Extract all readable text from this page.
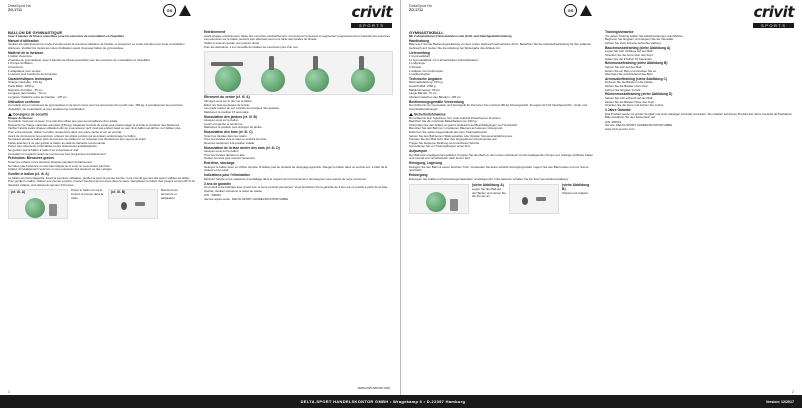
DeltaSport Ha
ZG-1711	GS	crivit
SPORTS
BALLON DE GYMNASTIQUE

Avec 2 bandes de fitness amovibles pour les exercices de musculation et d'équilibre

Manuel d'utilisation

Veuillez lire attentivement le mode d'emploi avant la première utilisation de l'article, et conservez ce mode d'emploi pour toute consultation ultérieure. Veuillez lire toutes les notes d'utilisation avant d'exposer ballon de gymnastique.

Matériel de la livraison

1 ballon d'exercice

2 bandes de gymnastique, avec 2 bandes de fitness amovibles pour les exercices de musculation et d'équilibre

1 Pompe d'inflation

2 bouchons

1 Adaptateur pour pompe

1 Lacrets pour bouchons de fermeture

Caractéristiques techniques

Charge maximale : 150 kg

Poids Balle : 1050 g

Diamètre du ballon : 65 cm

Longueur des bandes : 70 cm

Longueur d'attache entre les bandes : 135 cm

Utilisation conforme

Cet article est un instrument de gymnastique et de sport conçu pour les personnes d'un poids max. 150 kg. Il est idéal pour les exercices d'équilibre, de musculation et pour améliorer la coordination.

Consignes de sécurité

Risque de blesser

Cet article n'est pas un jouet. Il ne doit être utilisé que sous la surveillance d'un adulte.

Respectez la charge maximale autorisée (150 kg). Dépasser la limite de poids peut endommager le produit et entraîner des blessures.

Vérifiez l'article avant chaque utilisation afin de vous assurer qu'il n'est pas endommagé ou usé. Si le ballon est abîmé, ne l'utilisez plus.

Pour votre sécurité, utilisez le ballon uniquement dans une pièce sèche et sur un sol plat.

Avant de commencer les exercices, enlevez les objets pointus qui pourraient endommager le ballon.

Ne laissez jamais le ballon près de sources de chaleur et ne l'exposez pas directement aux rayons du soleil.

Faites attention à ne pas gonfler le ballon au-delà du diamètre recommandé.

Portez des vêtements confortables et des chaussures antidérapantes.

Ne gonflez pas le ballon à l'aide d'un compresseur d'air.

Consultez un médecin avant de commencer tout programme d'entraînement.

Précisions: Blessures graves

Tenez les enfants et les animaux éloignés pendant l'entraînement.

Ne faites pas d'exercice si vous êtes fatigué ou si vous ne vous sentez pas bien.

Arrêtez immédiatement l'exercice si vous ressentez des douleurs ou des vertiges.

Gonfler le ballon (cf. ill. A)

Le ballon est fourni dégonflé. Avant la première utilisation, gonflez-le avec la pompe fournie. Il est normal que des plis soient visibles au début.

Pour gonfler le ballon, utilisez une pompe à piston. Insérez l'embout de la pompe dans la valve. Remplissez le ballon d'air jusqu'à environ 80 % du diamètre indiqué, puis laissez-le reposer 24 heures.

(cf. ill. A)	Posez le ballon au sol et insérez la pompe dans la valve.
(cf. ill. B)	Bouchons de fermeture et adaptateur.
Entraînement

Avant chaque entraînement, faites des exercices d'échauffement. Commencez lentement et augmentez progressivement l'intensité des exercices.

Les exercices sur le ballon peuvent être effectués seul ou à l'aide des bandes de fitness.

Veillez à toujours garder une posture droite.

Pour les débutants, il est conseillé de réaliser les exercices près d'un mur.

Étirement du ventre (cf. ill. A)

Allongez-vous sur le dos sur le ballon.

Étirez les bras au-dessus de la tête.

Les pieds restent au sol, écartés de la largeur des épaules.

Maintenez la position 15 secondes.

Musculation des jambes (cf. ill. B)

Asseyez-vous sur le ballon.

Levez une jambe et tendez-la.

Maintenez la position puis changez de jambe.

Musculation des bras (cf. ill. C)

Tenez les bandes dans les mains.

Tirez les bandes vers le haut en tendant les bras.

Revenez lentement à la position initiale.

Musculation de la face arrière des bras (cf. ill. D)

Asseyez-vous sur le ballon.

Tirez les bandes derrière la tête.

Tendez les bras puis revenez lentement.

Entretien, stockage

Nettoyez le ballon avec un chiffon humide. N'utilisez pas de produits de nettoyage agressifs. Rangez le ballon dans un endroit sec, à l'abri de la chaleur et du soleil.

Indications pour l'élimination

Éliminez l'article et les matériaux d'emballage dans le respect de l'environnement. Renseignez-vous auprès de votre commune.

3 ans de garantie

Ce produit a été fabriqué avec grand soin et sous contrôle permanent. Vous bénéficiez d'une garantie de 3 ans sur ce produit à partir de la date d'achat. Veuillez conserver le ticket de caisse.

IAN : 300043

Service après-vente : DELTA-SPORT HANDELSKONTOR GMBH

www.crivit-service.com
1
DeltaSport Ha
ZG-1711	GS	crivit
SPORTS
GYMNASTIKBALL

Mit 2 abnehmbaren Fitnessbändern zum Kraft- und Gleichgewichtstraining

Handhabung

Bitte lesen Sie die Bedienungsanleitung vor dem ersten Gebrauch aufmerksam durch. Bewahren Sie die Gebrauchsanleitung für den späteren Gebrauch auf. Geben Sie die Anleitung bei Weitergabe des Artikels mit.

Lieferumfang

1 Gymnastikball

1x Gymnastikball, mit 2 abnehmbaren Fitnessbändern

1 Luftpumpe

2 Stöpsel

1 Adapter zum Aufpumpen

1 Lackierstopfen

Technische Angaben

Maximalbelastung: 150 kg

Gewicht Ball: 1050 g

Balldurchmesser: 65 cm

Länge Bänder: 70 cm

Abstand zwischen den Bändern: 135 cm

Bestimmungsgemäße Verwendung

Der Artikel ist ein Gymnastik- und Sportgerät für Personen bis maximal 150 kg Körpergewicht. Er eignet sich für Gleichgewichts-, Kraft- und Koordinationsübungen.

Sicherheitshinweise

Der Artikel ist kein Spielzeug. Nur unter Aufsicht Erwachsener benutzen.

Beachten Sie die maximale Belastbarkeit von 150 kg.

Überprüfen Sie den Artikel vor jedem Gebrauch auf Beschädigungen und Verschleiß.

Benutzen Sie den Ball nur in trockenen Räumen auf ebenem Untergrund.

Entfernen Sie spitze Gegenstände aus dem Trainingsbereich.

Setzen Sie den Ball keinen Wärmequellen oder direkter Sonneneinstrahlung aus.

Pumpen Sie den Ball nicht über den angegebenen Durchmesser auf.

Tragen Sie bequeme Kleidung und rutschfeste Schuhe.

Konsultieren Sie vor Trainingsbeginn einen Arzt.

Aufpumpen

Der Ball wird unaufgepumpt geliefert. Pumpen Sie den Ball vor dem ersten Gebrauch mit der beiliegenden Pumpe auf. Anfangs sichtbare Falten sind normal und verschwinden nach kurzer Zeit.

Reinigung, Lagerung

Reinigen Sie den Ball mit einem feuchten Tuch. Verwenden Sie keine scharfen Reinigungsmittel. Lagern Sie den Ball trocken und vor Sonne geschützt.

Entsorgung

Entsorgen Sie Artikel und Verpackungsmaterialien umweltgerecht. Informationen erhalten Sie bei Ihrer Gemeindeverwaltung.

(siehe Abbildung A)

Legen Sie den Ball auf den Boden und setzen Sie die Pumpe an.

(siehe Abbildung B)

Stöpsel und Adapter.

Trainingshinweise

Vor jedem Training sollten Sie Aufwärmübungen durchführen.

Beginnen Sie langsam und steigern Sie die Intensität.

Achten Sie stets auf eine aufrechte Haltung.

Bauchmuskeltraining (siehe Abbildung A)

Legen Sie sich rücklings auf den Ball.

Strecken Sie die Arme über den Kopf.

Halten Sie die Position 15 Sekunden.

Beinmuskeltraining (siehe Abbildung B)

Setzen Sie sich auf den Ball.

Heben Sie ein Bein und strecken Sie es.

Wechseln Sie anschließend das Bein.

Armmuskeltraining (siehe Abbildung C)

Nehmen Sie die Bänder in die Hände.

Ziehen Sie die Bänder nach oben.

Kehren Sie langsam zurück.

Rückenmuskeltraining (siehe Abbildung D)

Setzen Sie sich aufrecht auf den Ball.

Ziehen Sie die Bänder hinter den Kopf.

Strecken Sie die Arme und kehren Sie zurück.

3 Jahre Garantie

Das Produkt wurde mit großer Sorgfalt und unter ständiger Kontrolle produziert. Sie erhalten auf dieses Produkt drei Jahre Garantie ab Kaufdatum. Bitte bewahren Sie den Kassenbon auf.

IAN: 300043

Service: DELTA-SPORT HANDELSKONTOR GMBH

www.crivit-service.com

2
DELTA-SPORT HANDELSKONTOR GMBH • Wragekamp 6 • D-22397 Hamburg	Version: 12/2017
